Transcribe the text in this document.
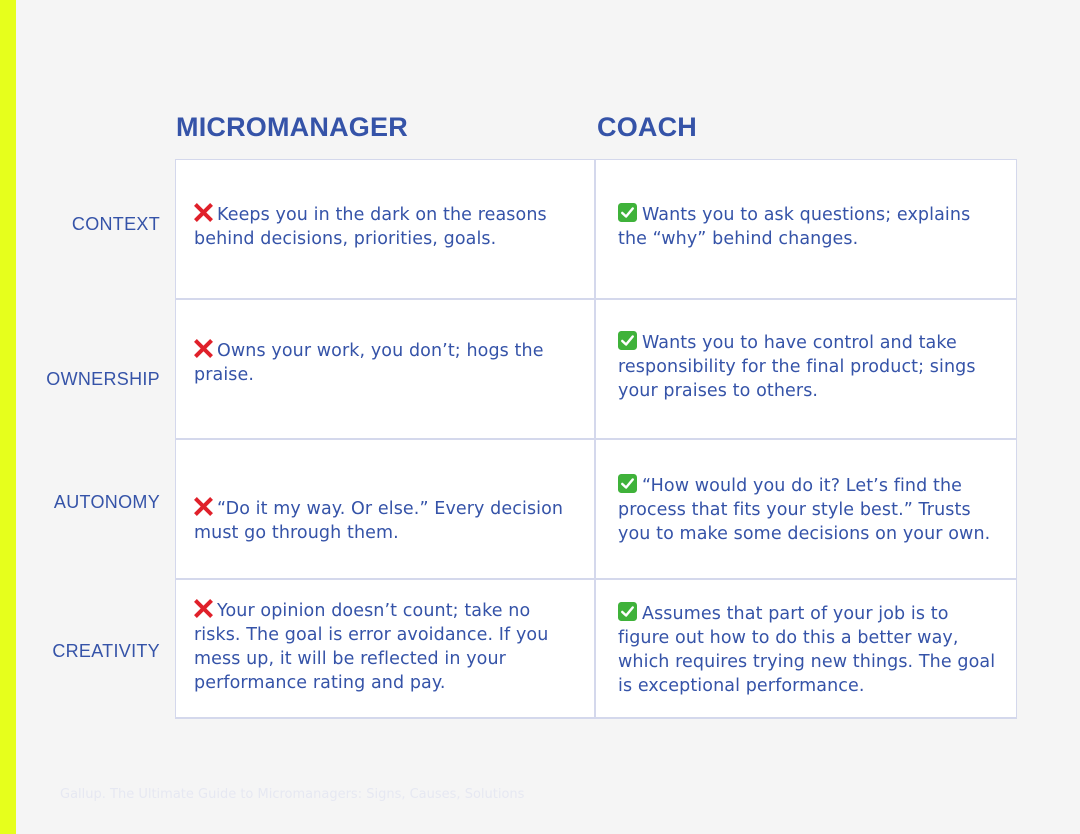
MICROMANAGER	COACH
CONTEXT
OWNERSHIP
AUTONOMY
CREATIVITY
Keeps you in the dark on the reasons behind decisions, priorities, goals.
Wants you to ask questions; explains the “why” behind changes.
Owns your work, you don’t; hogs the praise.
Wants you to have control and take responsibility for the final product; sings your praises to others.
“Do it my way. Or else.” Every decision must go through them.
“How would you do it? Let’s find the process that fits your style best.” Trusts you to make some decisions on your own.
Your opinion doesn’t count; take no risks. The goal is error avoidance. If you mess up, it will be reflected in your performance rating and pay.
Assumes that part of your job is to figure out how to do this a better way, which requires trying new things. The goal is exceptional performance.
Gallup. The Ultimate Guide to Micromanagers: Signs, Causes, Solutions
